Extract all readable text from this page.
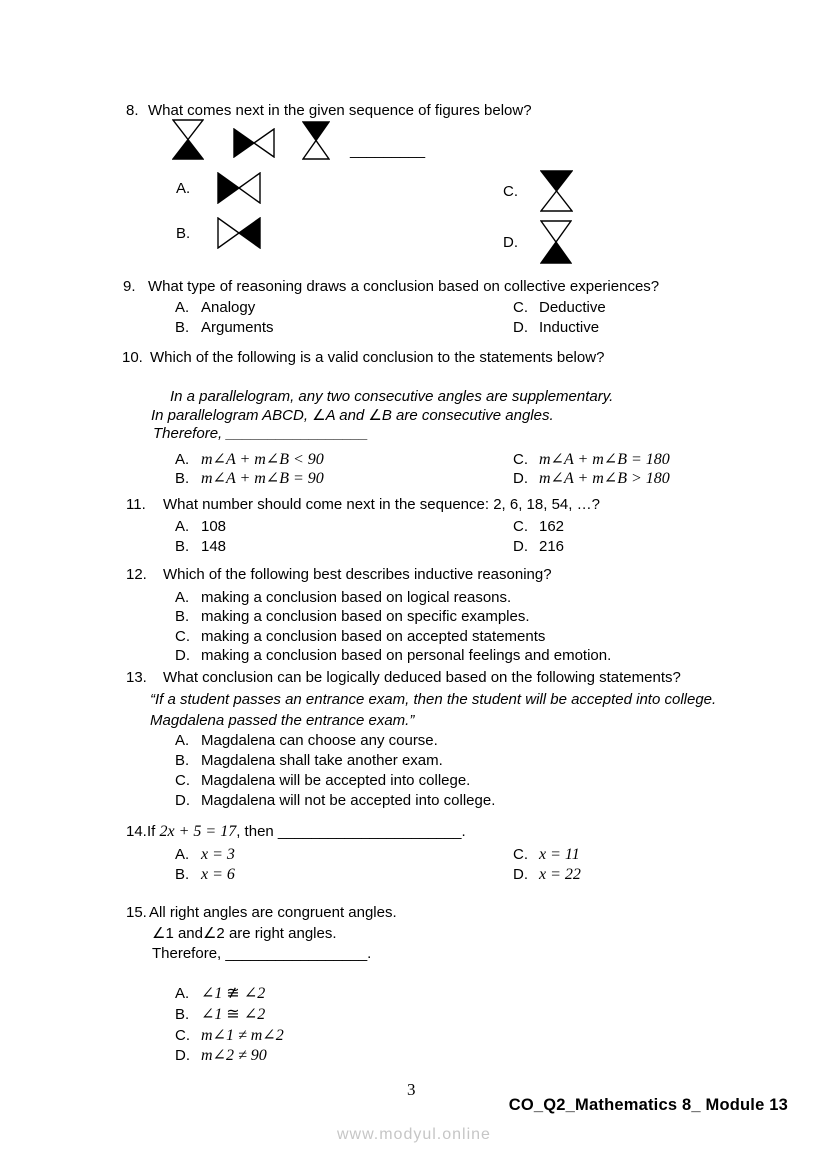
8. What comes next in the given sequence of figures below?
_________
A.
B.
C.
D.
9. What type of reasoning draws a conclusion based on collective experiences?
A. Analogy
B. Arguments
C. Deductive
D. Inductive
10. Which of the following is a valid conclusion to the statements below?
In a parallelogram, any two consecutive angles are supplementary.
In parallelogram ABCD, ∠A and ∠B are consecutive angles.
Therefore, _________________
A. m∠A + m∠B < 90
B. m∠A + m∠B = 90
C. m∠A + m∠B = 180
D. m∠A + m∠B > 180
11.	What number should come next in the sequence: 2, 6, 18, 54, …?
A. 108
B. 148
C. 162
D. 216
12.	Which of the following best describes inductive reasoning?
A. making a conclusion based on logical reasons.
B. making a conclusion based on specific examples.
C. making a conclusion based on accepted statements
D. making a conclusion based on personal feelings and emotion.
13.	What conclusion can be logically deduced based on the following statements?
“If a student passes an entrance exam, then the student will be accepted into college.
Magdalena passed the entrance exam.”
A. Magdalena can choose any course.
B. Magdalena shall take another exam.
C. Magdalena will be accepted into college.
D. Magdalena will not be accepted into college.
14. If 2x + 5 = 17 , then ______________________ .
A. x = 3
B. x = 6
C. x = 11
D. x = 22
15. All right angles are congruent angles.
∠1 and∠2 are right angles.
Therefore, _________________.
A. ∠1 ≇ ∠2
B. ∠1 ≅ ∠2
C. m∠1 ≠ m∠2
D. m∠2 ≠ 90
3
CO_Q2_Mathematics 8_ Module 13
www.modyul.online
